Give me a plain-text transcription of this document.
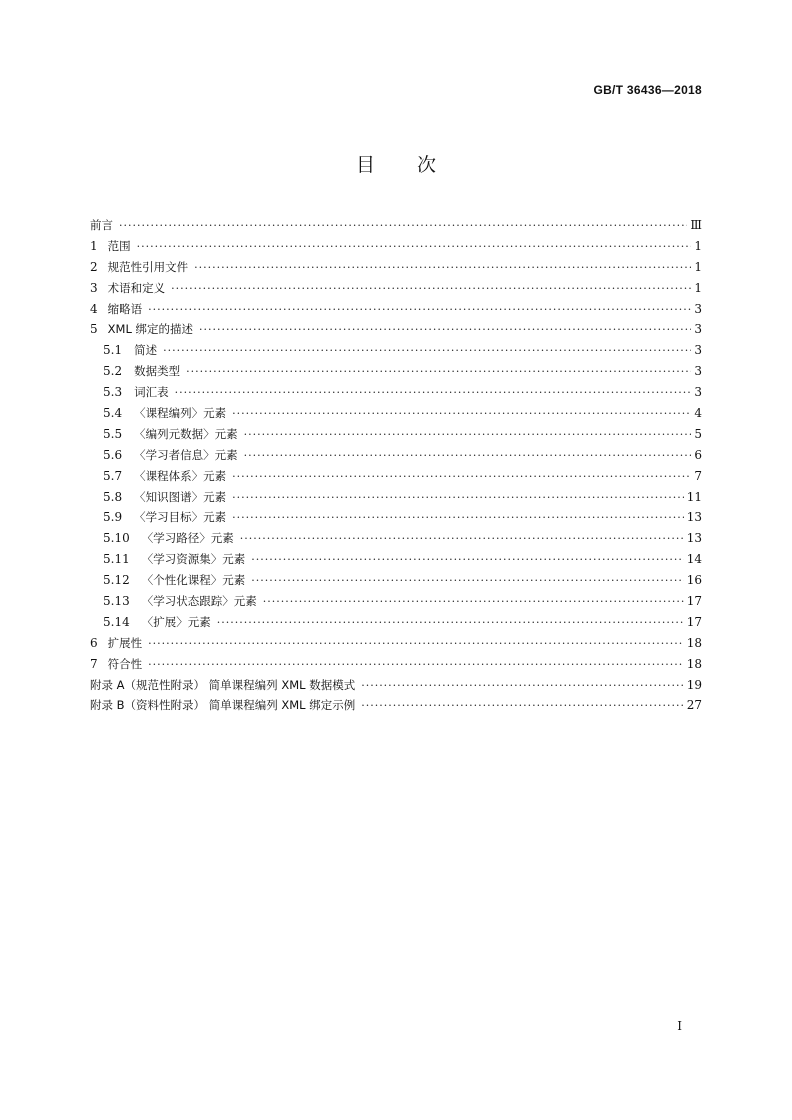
GB/T 36436—2018
目次
前言 ·····	Ⅲ
1 范围 ·····	1
2 规范性引用文件 ·····	1
3 术语和定义 ·····	1
4 缩略语 ·····	3
5 XML 绑定的描述 ·····	3
5.1	简述 ·····	3
5.2	数据类型 ·····	3
5.3	词汇表 ·····	3
5.4	〈课程编列〉元素 ·····	4
5.5	〈编列元数据〉元素 ·····	5
5.6	〈学习者信息〉元素 ·····	6
5.7	〈课程体系〉元素 ·····	7
5.8	〈知识图谱〉元素 ·····	11
5.9	〈学习目标〉元素 ·····	13
5.10	〈学习路径〉元素 ·····	13
5.11	〈学习资源集〉元素 ·····	14
5.12	〈个性化课程〉元素 ·····	16
5.13	〈学习状态跟踪〉元素 ·····	17
5.14	〈扩展〉元素 ·····	17
6 扩展性 ·····	18
7 符合性 ·····	18
附录 A（规范性附录） 简单课程编列 XML 数据模式 ·····	19
附录 B（资料性附录） 简单课程编列 XML 绑定示例 ·····	27
I
